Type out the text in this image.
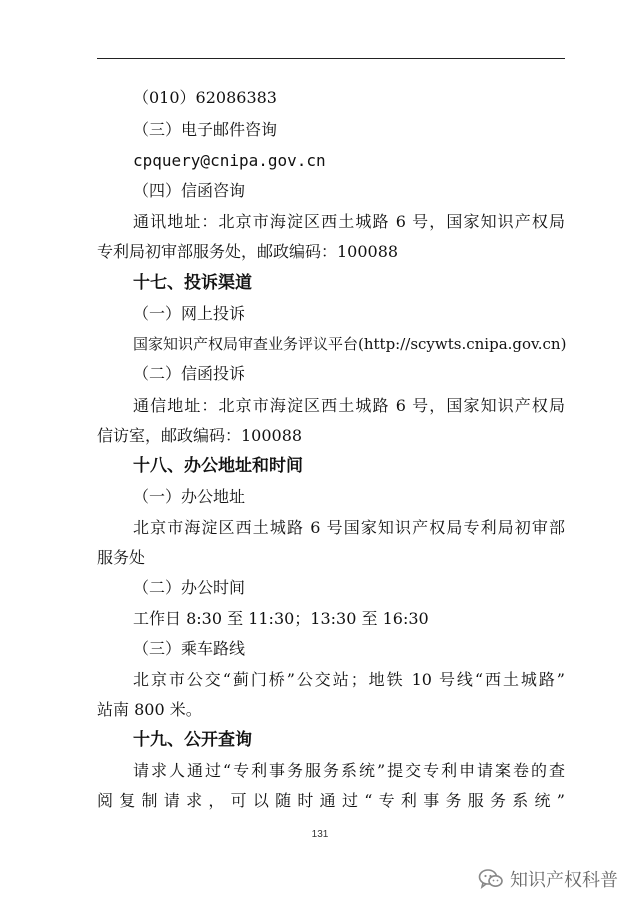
（010）62086383
（三）电子邮件咨询
cpquery@cnipa.gov.cn
（四）信函咨询
通讯地址：北京市海淀区西土城路 6 号，国家知识产权局
专利局初审部服务处，邮政编码：100088
十七、投诉渠道
（一）网上投诉
国家知识产权局审查业务评议平台(http://scywts.cnipa.gov.cn)
（二）信函投诉
通信地址：北京市海淀区西土城路 6 号，国家知识产权局
信访室，邮政编码：100088
十八、办公地址和时间
（一）办公地址
北京市海淀区西土城路 6 号国家知识产权局专利局初审部
服务处
（二）办公时间
工作日 8:30 至 11:30；13:30 至 16:30
（三）乘车路线
北京市公交“蓟门桥”公交站；地铁 10 号线“西土城路”
站南 800 米。
十九、公开查询
请求人通过“专利事务服务系统”提交专利申请案卷的查
阅复制请求，可以随时通过“专利事务服务系统”
131
知识产权科普
